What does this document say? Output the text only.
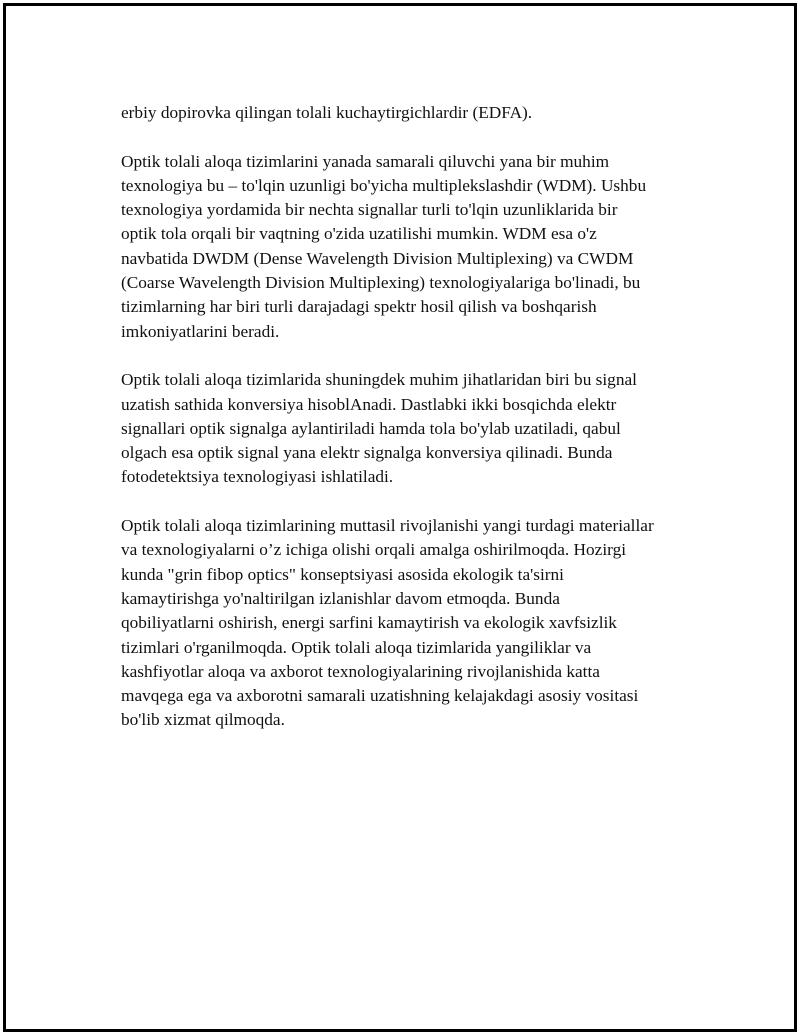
erbiy dopirovka qilingan tolali kuchaytirgichlardir (EDFA).

Optik tolali aloqa tizimlarini yanada samarali qiluvchi yana bir muhim
texnologiya bu – to'lqin uzunligi bo'yicha multiplekslashdir (WDM). Ushbu
texnologiya yordamida bir nechta signallar turli to'lqin uzunliklarida bir
optik tola orqali bir vaqtning o'zida uzatilishi mumkin. WDM esa o'z
navbatida DWDM (Dense Wavelength Division Multiplexing) va CWDM
(Coarse Wavelength Division Multiplexing) texnologiyalariga bo'linadi, bu
tizimlarning har biri turli darajadagi spektr hosil qilish va boshqarish
imkoniyatlarini beradi.

Optik tolali aloqa tizimlarida shuningdek muhim jihatlaridan biri bu signal
uzatish sathida konversiya hisoblAnadi. Dastlabki ikki bosqichda elektr
signallari optik signalga aylantiriladi hamda tola bo'ylab uzatiladi, qabul
olgach esa optik signal yana elektr signalga konversiya qilinadi. Bunda
fotodetektsiya texnologiyasi ishlatiladi.

Optik tolali aloqa tizimlarining muttasil rivojlanishi yangi turdagi materiallar
va texnologiyalarni o’z ichiga olishi orqali amalga oshirilmoqda. Hozirgi
kunda "grin fibop optics" konseptsiyasi asosida ekologik ta'sirni
kamaytirishga yo'naltirilgan izlanishlar davom etmoqda. Bunda
qobiliyatlarni oshirish, energi sarfini kamaytirish va ekologik xavfsizlik
tizimlari o'rganilmoqda. Optik tolali aloqa tizimlarida yangiliklar va
kashfiyotlar aloqa va axborot texnologiyalarining rivojlanishida katta
mavqega ega va axborotni samarali uzatishning kelajakdagi asosiy vositasi
bo'lib xizmat qilmoqda.
